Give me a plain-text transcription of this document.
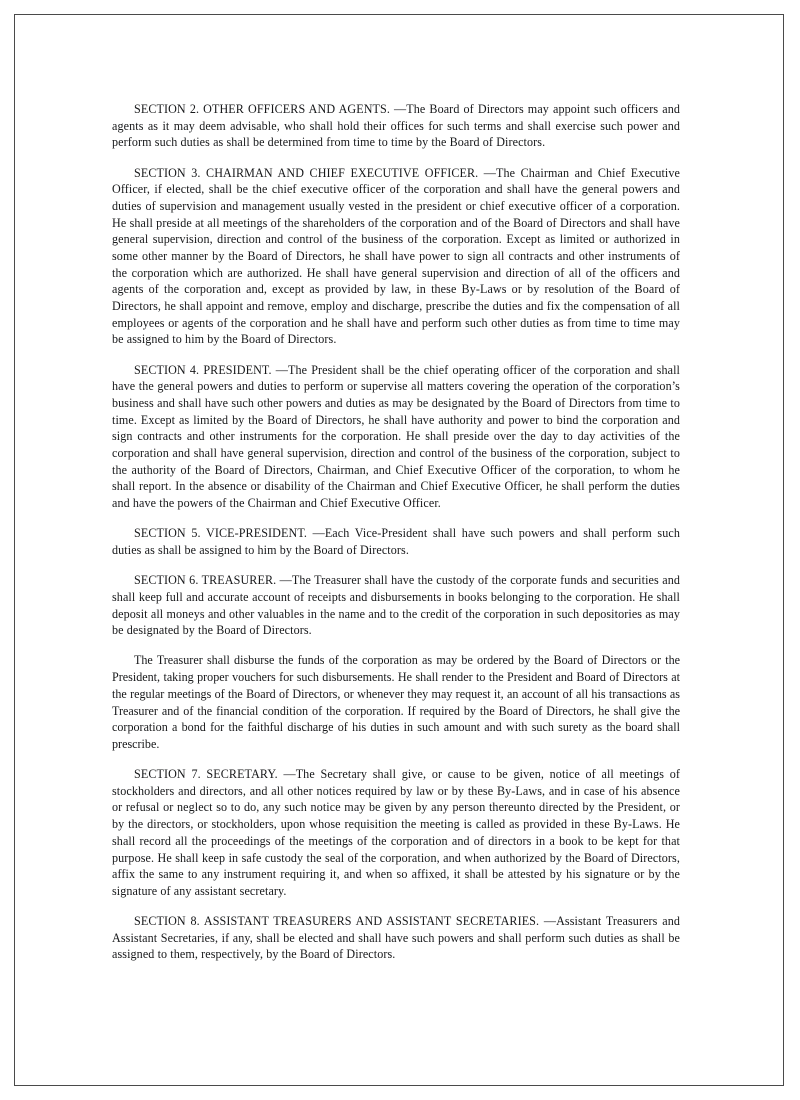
SECTION 2. OTHER OFFICERS AND AGENTS. —The Board of Directors may appoint such officers and agents as it may deem advisable, who shall hold their offices for such terms and shall exercise such power and perform such duties as shall be determined from time to time by the Board of Directors.

SECTION 3. CHAIRMAN AND CHIEF EXECUTIVE OFFICER. —The Chairman and Chief Executive Officer, if elected, shall be the chief executive officer of the corporation and shall have the general powers and duties of supervision and management usually vested in the president or chief executive officer of a corporation. He shall preside at all meetings of the shareholders of the corporation and of the Board of Directors and shall have general supervision, direction and control of the business of the corporation. Except as limited or authorized in some other manner by the Board of Directors, he shall have power to sign all contracts and other instruments of the corporation which are authorized. He shall have general supervision and direction of all of the officers and agents of the corporation and, except as provided by law, in these By-Laws or by resolution of the Board of Directors, he shall appoint and remove, employ and discharge, prescribe the duties and fix the compensation of all employees or agents of the corporation and he shall have and perform such other duties as from time to time may be assigned to him by the Board of Directors.

SECTION 4. PRESIDENT. —The President shall be the chief operating officer of the corporation and shall have the general powers and duties to perform or supervise all matters covering the operation of the corporation’s business and shall have such other powers and duties as may be designated by the Board of Directors from time to time. Except as limited by the Board of Directors, he shall have authority and power to bind the corporation and sign contracts and other instruments for the corporation. He shall preside over the day to day activities of the corporation and shall have general supervision, direction and control of the business of the corporation, subject to the authority of the Board of Directors, Chairman, and Chief Executive Officer of the corporation, to whom he shall report. In the absence or disability of the Chairman and Chief Executive Officer, he shall perform the duties and have the powers of the Chairman and Chief Executive Officer.

SECTION 5. VICE-PRESIDENT. —Each Vice-President shall have such powers and shall perform such duties as shall be assigned to him by the Board of Directors.

SECTION 6. TREASURER. —The Treasurer shall have the custody of the corporate funds and securities and shall keep full and accurate account of receipts and disbursements in books belonging to the corporation. He shall deposit all moneys and other valuables in the name and to the credit of the corporation in such depositories as may be designated by the Board of Directors.

The Treasurer shall disburse the funds of the corporation as may be ordered by the Board of Directors or the President, taking proper vouchers for such disbursements. He shall render to the President and Board of Directors at the regular meetings of the Board of Directors, or whenever they may request it, an account of all his transactions as Treasurer and of the financial condition of the corporation. If required by the Board of Directors, he shall give the corporation a bond for the faithful discharge of his duties in such amount and with such surety as the board shall prescribe.

SECTION 7. SECRETARY. —The Secretary shall give, or cause to be given, notice of all meetings of stockholders and directors, and all other notices required by law or by these By-Laws, and in case of his absence or refusal or neglect so to do, any such notice may be given by any person thereunto directed by the President, or by the directors, or stockholders, upon whose requisition the meeting is called as provided in these By-Laws. He shall record all the proceedings of the meetings of the corporation and of directors in a book to be kept for that purpose. He shall keep in safe custody the seal of the corporation, and when authorized by the Board of Directors, affix the same to any instrument requiring it, and when so affixed, it shall be attested by his signature or by the signature of any assistant secretary.

SECTION 8. ASSISTANT TREASURERS AND ASSISTANT SECRETARIES. —Assistant Treasurers and Assistant Secretaries, if any, shall be elected and shall have such powers and shall perform such duties as shall be assigned to them, respectively, by the Board of Directors.
